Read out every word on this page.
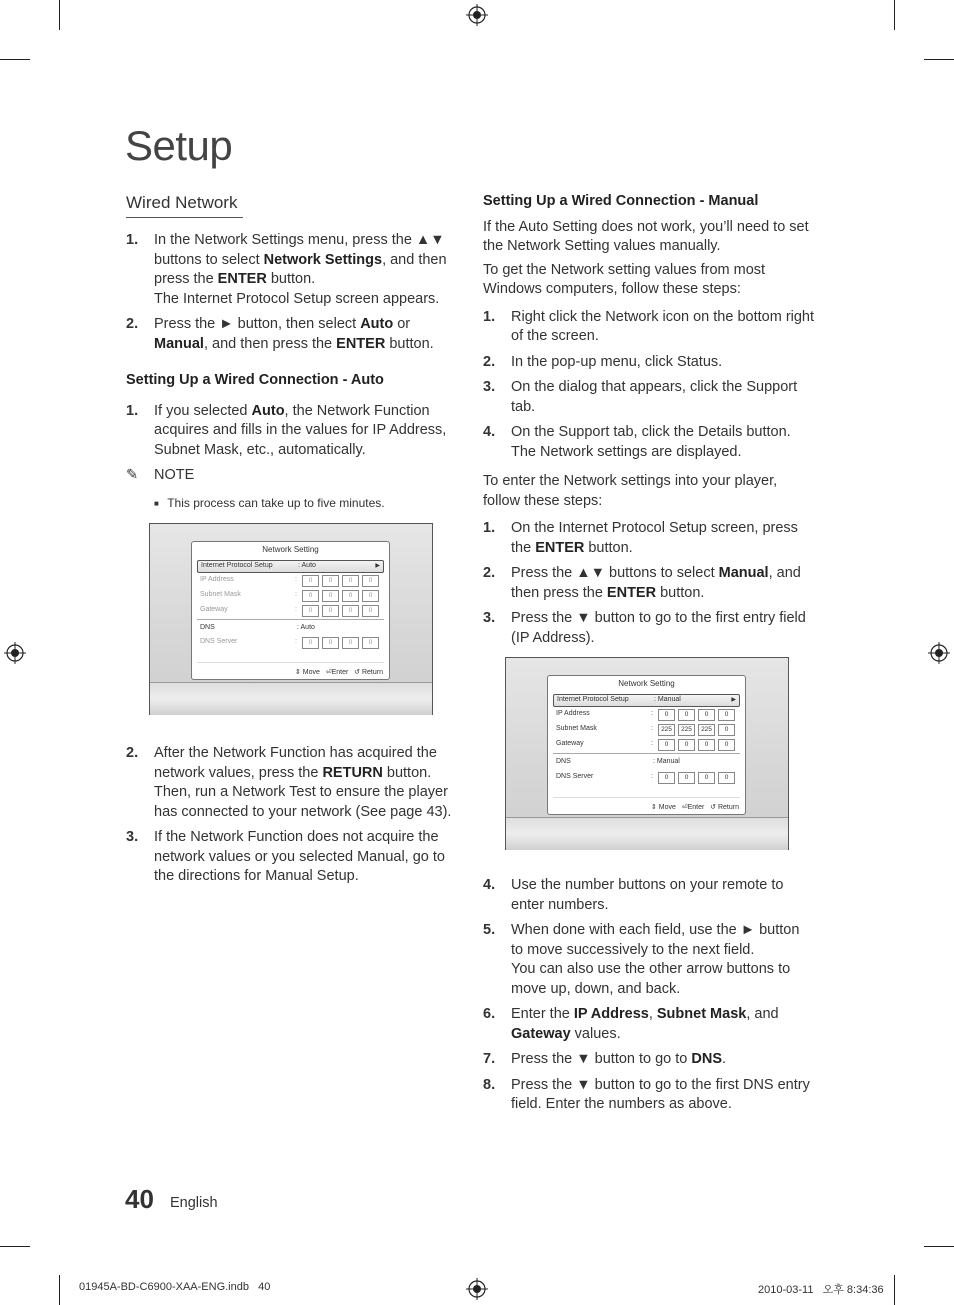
Setup
Wired Network
1. In the Network Settings menu, press the ▲▼ buttons to select Network Settings, and then press the ENTER button.
The Internet Protocol Setup screen appears.
2. Press the ► button, then select Auto or Manual, and then press the ENTER button.

Setting Up a Wired Connection - Auto

1. If you selected Auto, the Network Function acquires and fills in the values for IP Address, Subnet Mask, etc., automatically.
✎ NOTE
■ This process can take up to five minutes.
Network Setting
Internet Protocol Setup	: Auto	▶
IP Address	:	0	0	0	0
Subnet Mask	:	0	0	0	0
Gateway	:	0	0	0	0
DNS	: Auto
DNS Server	:	0	0	0	0
⇕ Move ⏎Enter ↺ Return
2. After the Network Function has acquired the network values, press the RETURN button. Then, run a Network Test to ensure the player has connected to your network (See page 43).
3. If the Network Function does not acquire the network values or you selected Manual, go to the directions for Manual Setup.

Setting Up a Wired Connection - Manual

If the Auto Setting does not work, you’ll need to set the Network Setting values manually.

To get the Network setting values from most Windows computers, follow these steps:

1. Right click the Network icon on the bottom right of the screen.
2. In the pop-up menu, click Status.
3. On the dialog that appears, click the Support tab.
4. On the Support tab, click the Details button. The Network settings are displayed.

To enter the Network settings into your player, follow these steps:

1. On the Internet Protocol Setup screen, press the ENTER button.
2. Press the ▲▼ buttons to select Manual, and then press the ENTER button.
3. Press the ▼ button to go to the first entry field (IP Address).
Network Setting
Internet Protocol Setup	: Manual	▶
IP Address	:	0	0	0	0
Subnet Mask	:	225	225	225	0
Gateway	:	0	0	0	0
DNS	: Manual
DNS Server	:	0	0	0	0
⇕ Move ⏎Enter ↺ Return
4. Use the number buttons on your remote to enter numbers.
5. When done with each field, use the ► button to move successively to the next field.
You can also use the other arrow buttons to move up, down, and back.
6. Enter the IP Address, Subnet Mask, and Gateway values.
7. Press the ▼ button to go to DNS.
8. Press the ▼ button to go to the first DNS entry field. Enter the numbers as above.
40 English
01945A-BD-C6900-XAA-ENG.indb   40	2010-03-11   오후 8:34:36
